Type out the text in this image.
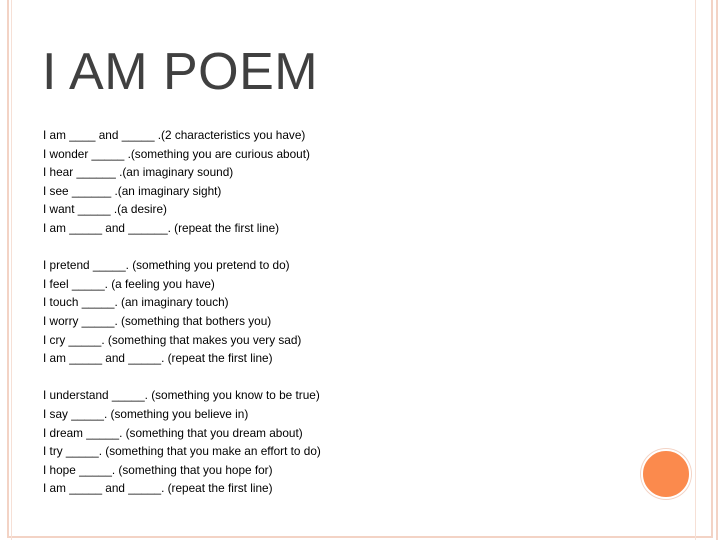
I AM POEM
I am ____ and _____ .(2 characteristics you have)
I wonder _____ .(something you are curious about)
I hear ______ .(an imaginary sound)
I see ______ .(an imaginary sight)
I want _____ .(a desire)
I am _____ and ______. (repeat the first line)
I pretend _____. (something you pretend to do)
I feel _____. (a feeling you have)
I touch _____. (an imaginary touch)
I worry _____. (something that bothers you)
I cry _____. (something that makes you very sad)
I am _____ and _____. (repeat the first line)
I understand _____. (something you know to be true)
I say _____. (something you believe in)
I dream _____. (something that you dream about)
I try _____. (something that you make an effort to do)
I hope _____. (something that you hope for)
I am _____ and _____. (repeat the first line)
